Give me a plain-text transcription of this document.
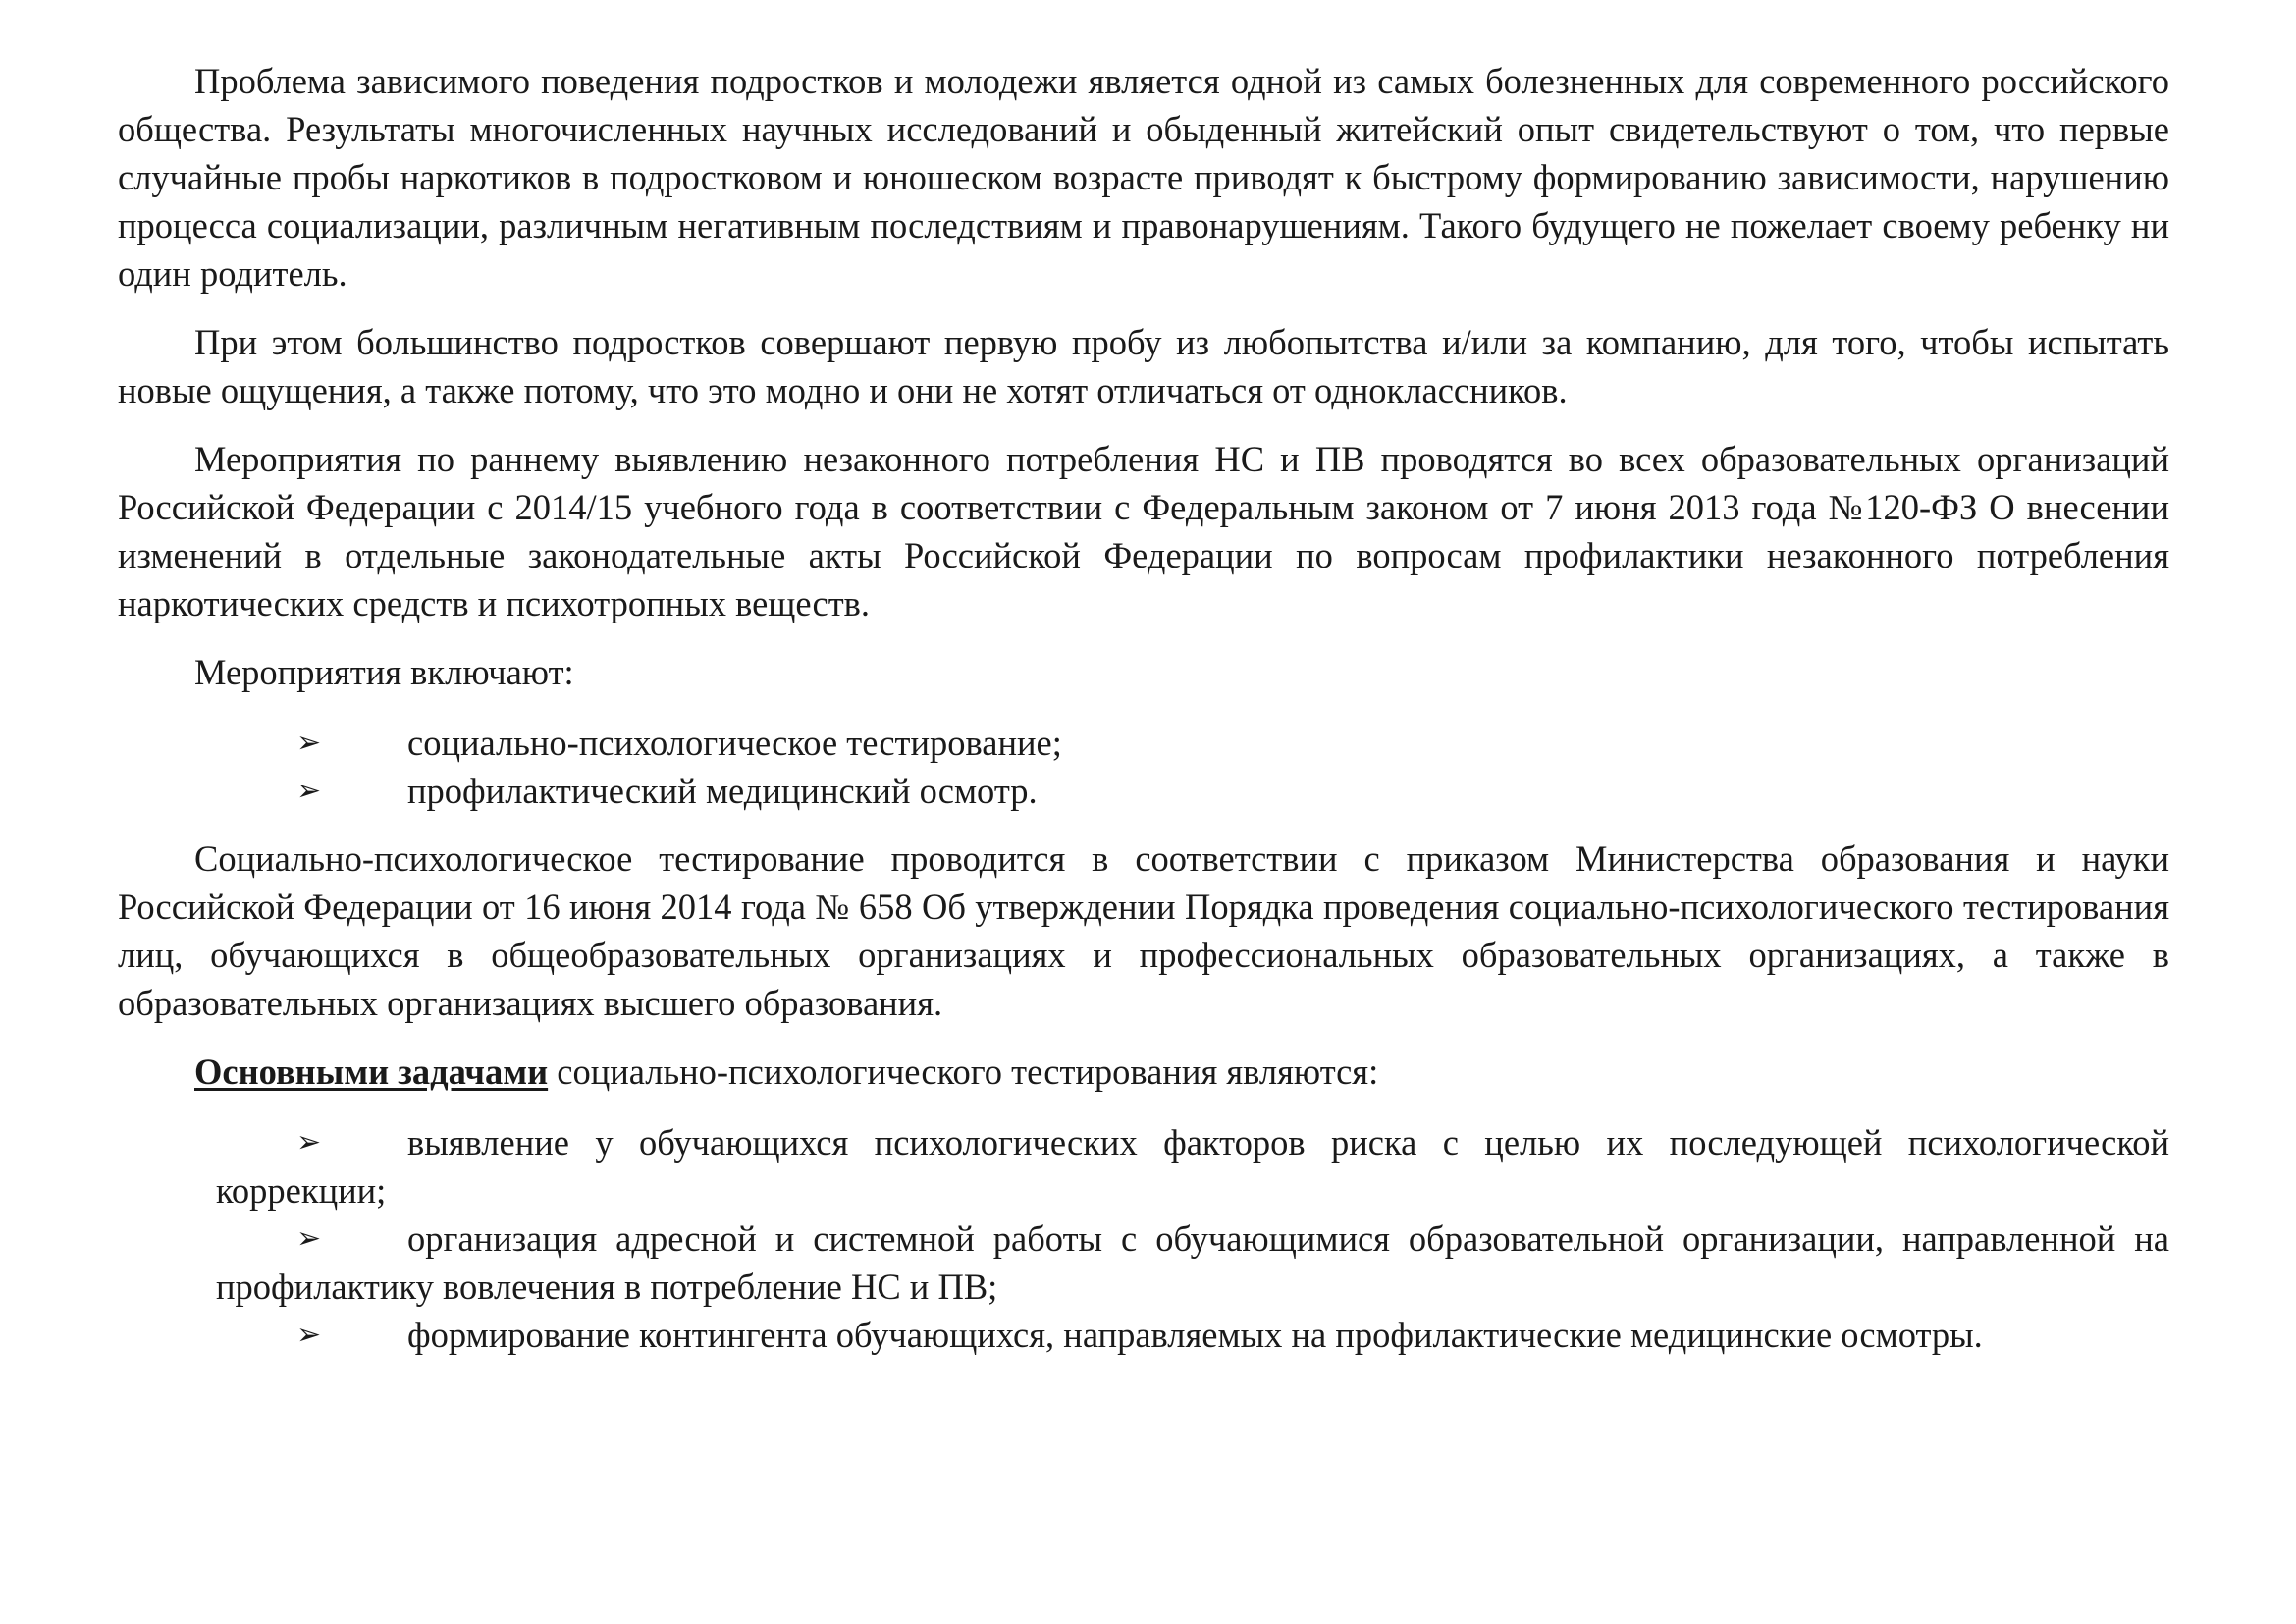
Проблема зависимого поведения подростков и молодежи является одной из самых болезненных для современного российского общества. Результаты многочисленных научных исследований и обыденный житейский опыт свидетельствуют о том, что первые случайные пробы наркотиков в подростковом и юношеском возрасте приводят к быстрому формированию зависимости, нарушению процесса социализации, различным негативным последствиям и правонарушениям. Такого будущего не пожелает своему ребенку ни один родитель.

При этом большинство подростков совершают первую пробу из любопытства и/или за компанию, для того, чтобы испытать новые ощущения, а также потому, что это модно и они не хотят отличаться от одноклассников.

Мероприятия по раннему выявлению незаконного потребления НС и ПВ проводятся во всех образовательных организаций Российской Федерации с 2014/15 учебного года в соответствии с Федеральным законом от 7 июня 2013 года №120-ФЗ О внесении изменений в отдельные законодательные акты Российской Федерации по вопросам профилактики незаконного потребления наркотических средств и психотропных веществ.

Мероприятия включают:

➢ социально-психологическое тестирование;
➢ профилактический медицинский осмотр.

Социально-психологическое тестирование проводится в соответствии с приказом Министерства образования и науки Российской Федерации от 16 июня 2014 года № 658 Об утверждении Порядка проведения социально-психологического тестирования лиц, обучающихся в общеобразовательных организациях и профессиональных образовательных организациях, а также в образовательных организациях высшего образования.

Основными задачами социально-психологического тестирования являются:

➢ выявление у обучающихся психологических факторов риска с целью их последующей психологической коррекции;
➢ организация адресной и системной работы с обучающимися образовательной организации, направленной на профилактику вовлечения в потребление НС и ПВ;
➢ формирование контингента обучающихся, направляемых на профилактические медицинские осмотры.
